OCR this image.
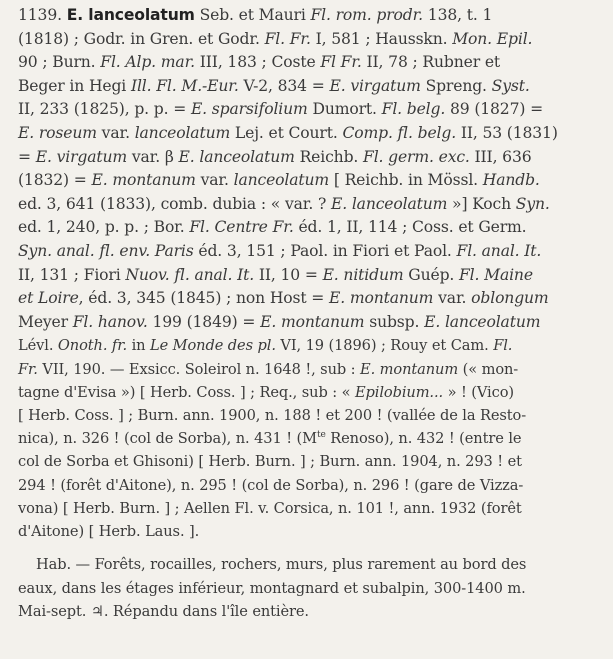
1139. E. lanceolatum Seb. et Mauri Fl. rom. prodr. 138, t. 1
(1818) ; Godr. in Gren. et Godr. Fl. Fr. I, 581 ; Hausskn. Mon. Epil.
90 ; Burn. Fl. Alp. mar. III, 183 ; Coste Fl Fr. II, 78 ; Rubner et
Beger in Hegi Ill. Fl. M.-Eur. V-2, 834 = E. virgatum Spreng. Syst.
II, 233 (1825), p. p. = E. sparsifolium Dumort. Fl. belg. 89 (1827) =
E. roseum var. lanceolatum Lej. et Court. Comp. fl. belg. II, 53 (1831)
= E. virgatum var. β E. lanceolatum Reichb. Fl. germ. exc. III, 636
(1832) = E. montanum var. lanceolatum [ Reichb. in Mössl. Handb.
ed. 3, 641 (1833), comb. dubia : « var. ? E. lanceolatum »] Koch Syn.
ed. 1, 240, p. p. ; Bor. Fl. Centre Fr. éd. 1, II, 114 ; Coss. et Germ.
Syn. anal. fl. env. Paris éd. 3, 151 ; Paol. in Fiori et Paol. Fl. anal. It.
II, 131 ; Fiori Nuov. fl. anal. It. II, 10 = E. nitidum Guép. Fl. Maine
et Loire, éd. 3, 345 (1845) ; non Host = E. montanum var. oblongum
Meyer Fl. hanov. 199 (1849) = E. montanum subsp. E. lanceolatum
Lévl. Onoth. fr. in Le Monde des pl. VI, 19 (1896) ; Rouy et Cam. Fl.
Fr. VII, 190. — Exsicc. Soleirol n. 1648 !, sub : E. montanum (« mon-
tagne d'Evisa ») [ Herb. Coss. ] ; Req., sub : « Epilobium... » ! (Vico)
[ Herb. Coss. ] ; Burn. ann. 1900, n. 188 ! et 200 ! (vallée de la Resto-
nica), n. 326 ! (col de Sorba), n. 431 ! ($M^{te}$ Renoso), n. 432 ! (entre le
col de Sorba et Ghisoni) [ Herb. Burn. ] ; Burn. ann. 1904, n. 293 ! et
294 ! (forêt d'Aitone), n. 295 ! (col de Sorba), n. 296 ! (gare de Vizza-
vona) [ Herb. Burn. ] ; Aellen Fl. v. Corsica, n. 101 !, ann. 1932 (forêt
d'Aitone) [ Herb. Laus. ].
Hab. — Forêts, rocailles, rochers, murs, plus rarement au bord des
eaux, dans les étages inférieur, montagnard et subalpin, 300-1400 m.
Mai-sept. ♃. Répandu dans l'île entière.
